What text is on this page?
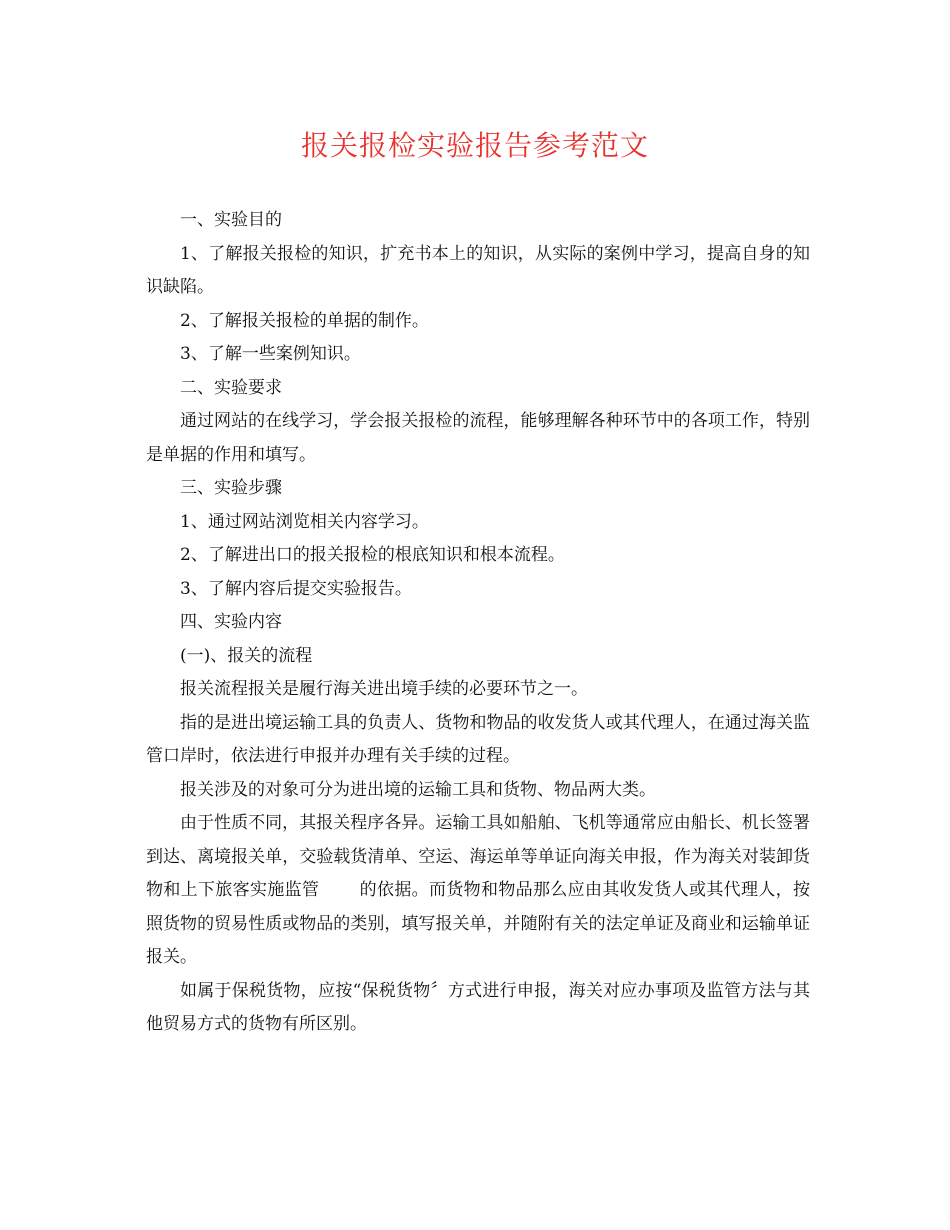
报关报检实验报告参考范文

一、实验目的

1、了解报关报检的知识，扩充书本上的知识，从实际的案例中学习，提高自身的知识缺陷。

2、了解报关报检的单据的制作。

3、了解一些案例知识。

二、实验要求

通过网站的在线学习，学会报关报检的流程，能够理解各种环节中的各项工作，特别是单据的作用和填写。

三、实验步骤

1、通过网站浏览相关内容学习。

2、了解进出口的报关报检的根底知识和根本流程。

3、了解内容后提交实验报告。

四、实验内容

(一)、报关的流程

报关流程报关是履行海关进出境手续的必要环节之一。

指的是进出境运输工具的负责人、货物和物品的收发货人或其代理人，在通过海关监管口岸时，依法进行申报并办理有关手续的过程。

报关涉及的对象可分为进出境的运输工具和货物、物品两大类。

由于性质不同，其报关程序各异。运输工具如船舶、飞机等通常应由船长、机长签署到达、离境报关单，交验载货清单、空运、海运单等单证向海关申报，作为海关对装卸货物和上下旅客实施监管 的依据。而货物和物品那么应由其收发货人或其代理人，按照货物的贸易性质或物品的类别，填写报关单，并随附有关的法定单证及商业和运输单证报关。

如属于保税货物，应按“保税货物〞方式进行申报，海关对应办事项及监管方法与其他贸易方式的货物有所区别。
